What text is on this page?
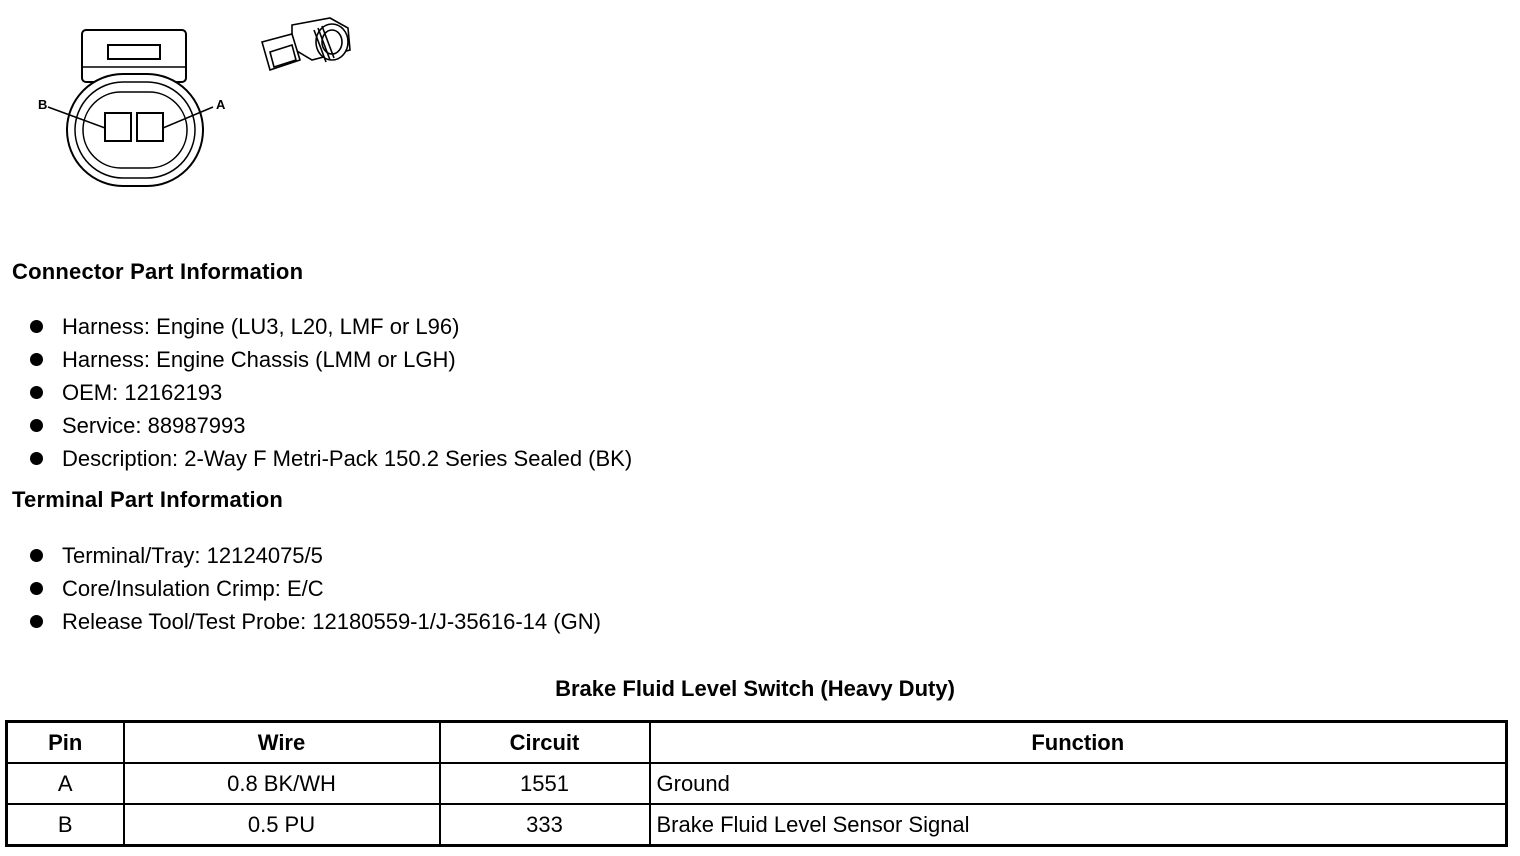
B	A
Connector Part Information
Harness: Engine (LU3, L20, LMF or L96)
Harness: Engine Chassis (LMM or LGH)
OEM: 12162193
Service: 88987993
Description: 2-Way F Metri-Pack 150.2 Series Sealed (BK)
Terminal Part Information
Terminal/Tray: 12124075/5
Core/Insulation Crimp: E/C
Release Tool/Test Probe: 12180559-1/J-35616-14 (GN)
Brake Fluid Level Switch (Heavy Duty)
Pin	Wire	Circuit	Function
A	0.8 BK/WH	1551	Ground
B	0.5 PU	333	Brake Fluid Level Sensor Signal
